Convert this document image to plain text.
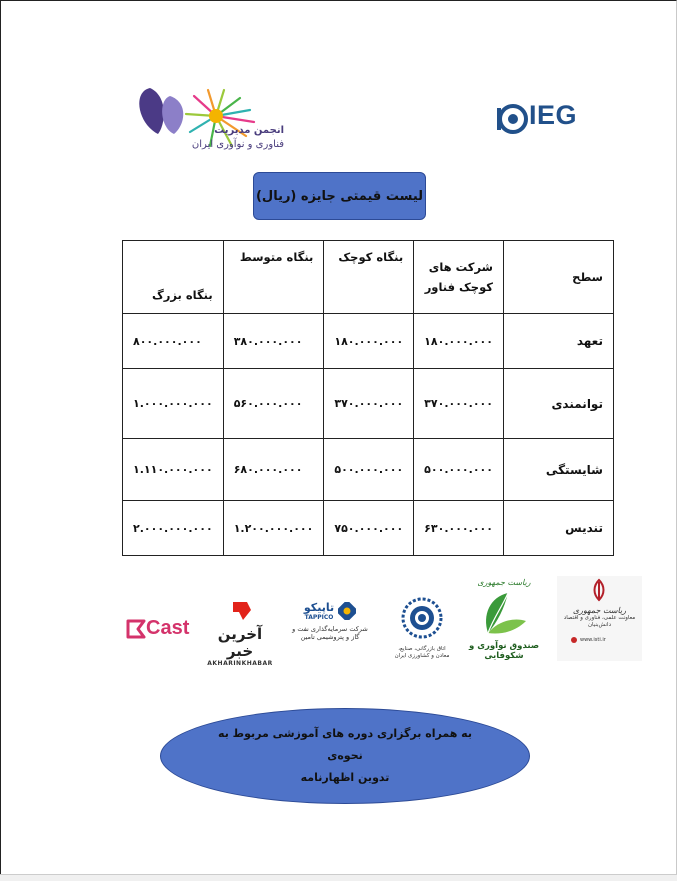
انجمن مدیریت
فناوری و نوآوری ایران
IEG
لیست قیمتی جایزه (ریال)
سطح	شرکت های کوچک فناور	بنگاه کوچک	بنگاه متوسط	بنگاه بزرگ
تعهد	۱۸۰.۰۰۰.۰۰۰	۱۸۰.۰۰۰.۰۰۰	۳۸۰.۰۰۰.۰۰۰	۸۰۰.۰۰۰.۰۰۰
توانمندی	۳۷۰.۰۰۰.۰۰۰	۳۷۰.۰۰۰.۰۰۰	۵۶۰.۰۰۰.۰۰۰	۱.۰۰۰.۰۰۰.۰۰۰
شایستگی	۵۰۰.۰۰۰.۰۰۰	۵۰۰.۰۰۰.۰۰۰	۶۸۰.۰۰۰.۰۰۰	۱.۱۱۰.۰۰۰.۰۰۰
تندیس	۶۳۰.۰۰۰.۰۰۰	۷۵۰.۰۰۰.۰۰۰	۱.۲۰۰.۰۰۰.۰۰۰	۲.۰۰۰.۰۰۰.۰۰۰
Cast	آخرین خبر
AKHARINKHABAR
تاپیکو
TAPPICO
شرکت سرمایه‌گذاری نفت و گاز و پتروشیمی تامین
اتاق بازرگانی، صنایع، معادن و کشاورزی ایران
ریاست جمهوری
صندوق نوآوری و شکوفایی
ریاست جمهوری
معاونت علمی، فناوری و اقتصاد دانش‌بنیان
www.isti.ir
به همراه برگزاری دوره های آموزشی مربوط به نحوه‌ی
تدوین اظهارنامه
